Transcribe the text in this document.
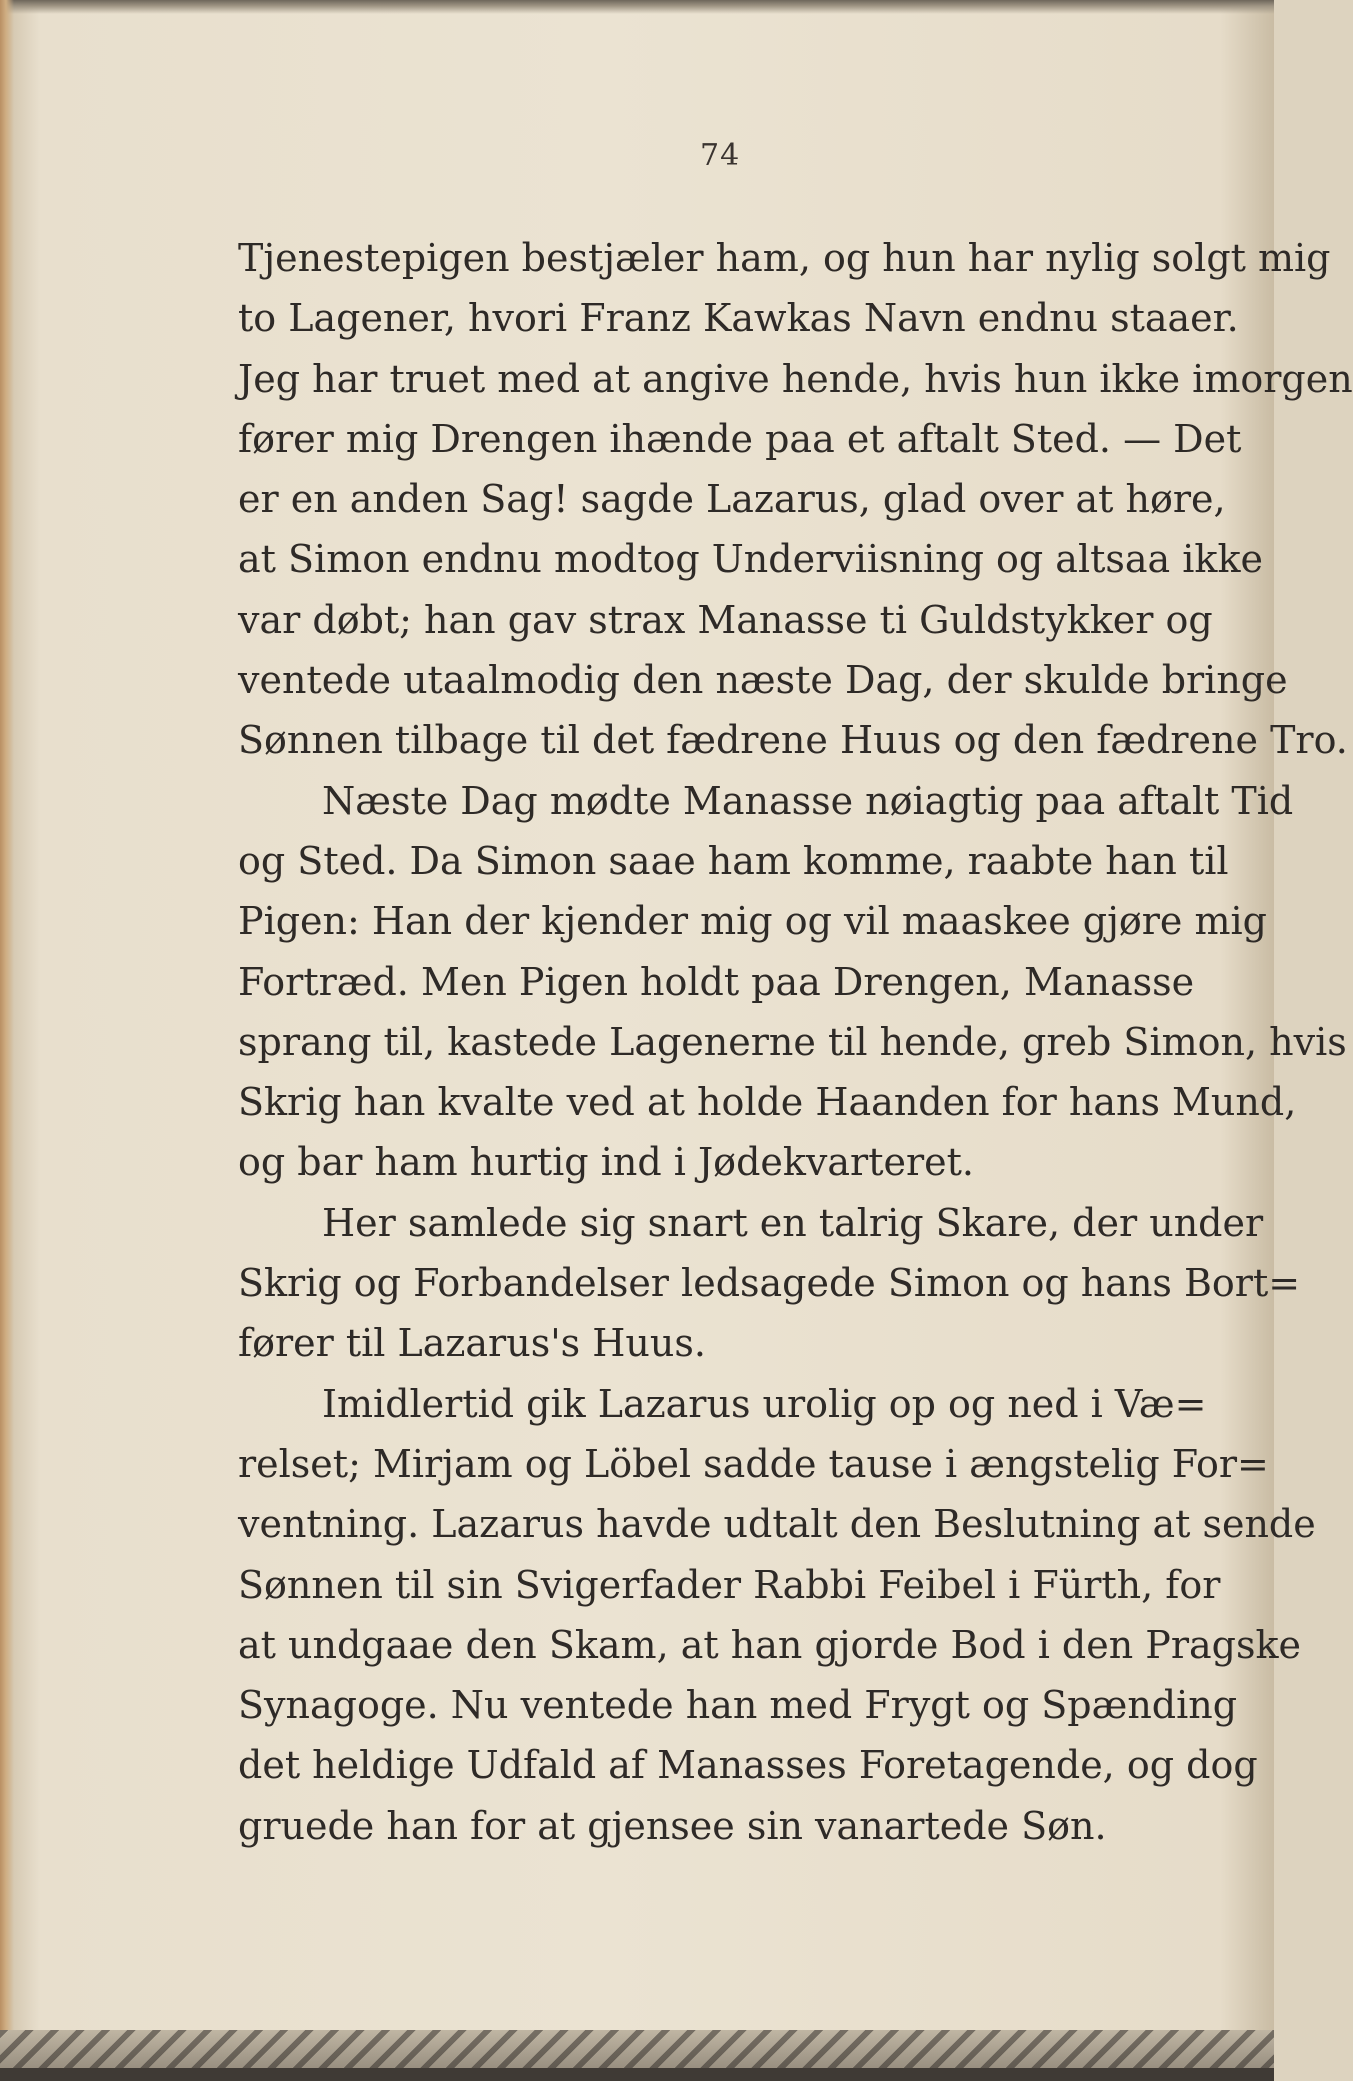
74
Tjenestepigen bestjæler ham, og hun har nylig solgt mig
to Lagener, hvori Franz Kawkas Navn endnu staaer.
Jeg har truet med at angive hende, hvis hun ikke imorgen
fører mig Drengen ihænde paa et aftalt Sted. — Det
er en anden Sag! sagde Lazarus, glad over at høre,
at Simon endnu modtog Underviisning og altsaa ikke
var døbt; han gav strax Manasse ti Guldstykker og
ventede utaalmodig den næste Dag, der skulde bringe
Sønnen tilbage til det fædrene Huus og den fædrene Tro.
Næste Dag mødte Manasse nøiagtig paa aftalt Tid
og Sted. Da Simon saae ham komme, raabte han til
Pigen: Han der kjender mig og vil maaskee gjøre mig
Fortræd. Men Pigen holdt paa Drengen, Manasse
sprang til, kastede Lagenerne til hende, greb Simon, hvis
Skrig han kvalte ved at holde Haanden for hans Mund,
og bar ham hurtig ind i Jødekvarteret.
Her samlede sig snart en talrig Skare, der under
Skrig og Forbandelser ledsagede Simon og hans Bort=
fører til Lazarus's Huus.
Imidlertid gik Lazarus urolig op og ned i Væ=
relset; Mirjam og Löbel sadde tause i ængstelig For=
ventning. Lazarus havde udtalt den Beslutning at sende
Sønnen til sin Svigerfader Rabbi Feibel i Fürth, for
at undgaae den Skam, at han gjorde Bod i den Pragske
Synagoge. Nu ventede han med Frygt og Spænding
det heldige Udfald af Manasses Foretagende, og dog
gruede han for at gjensee sin vanartede Søn.
